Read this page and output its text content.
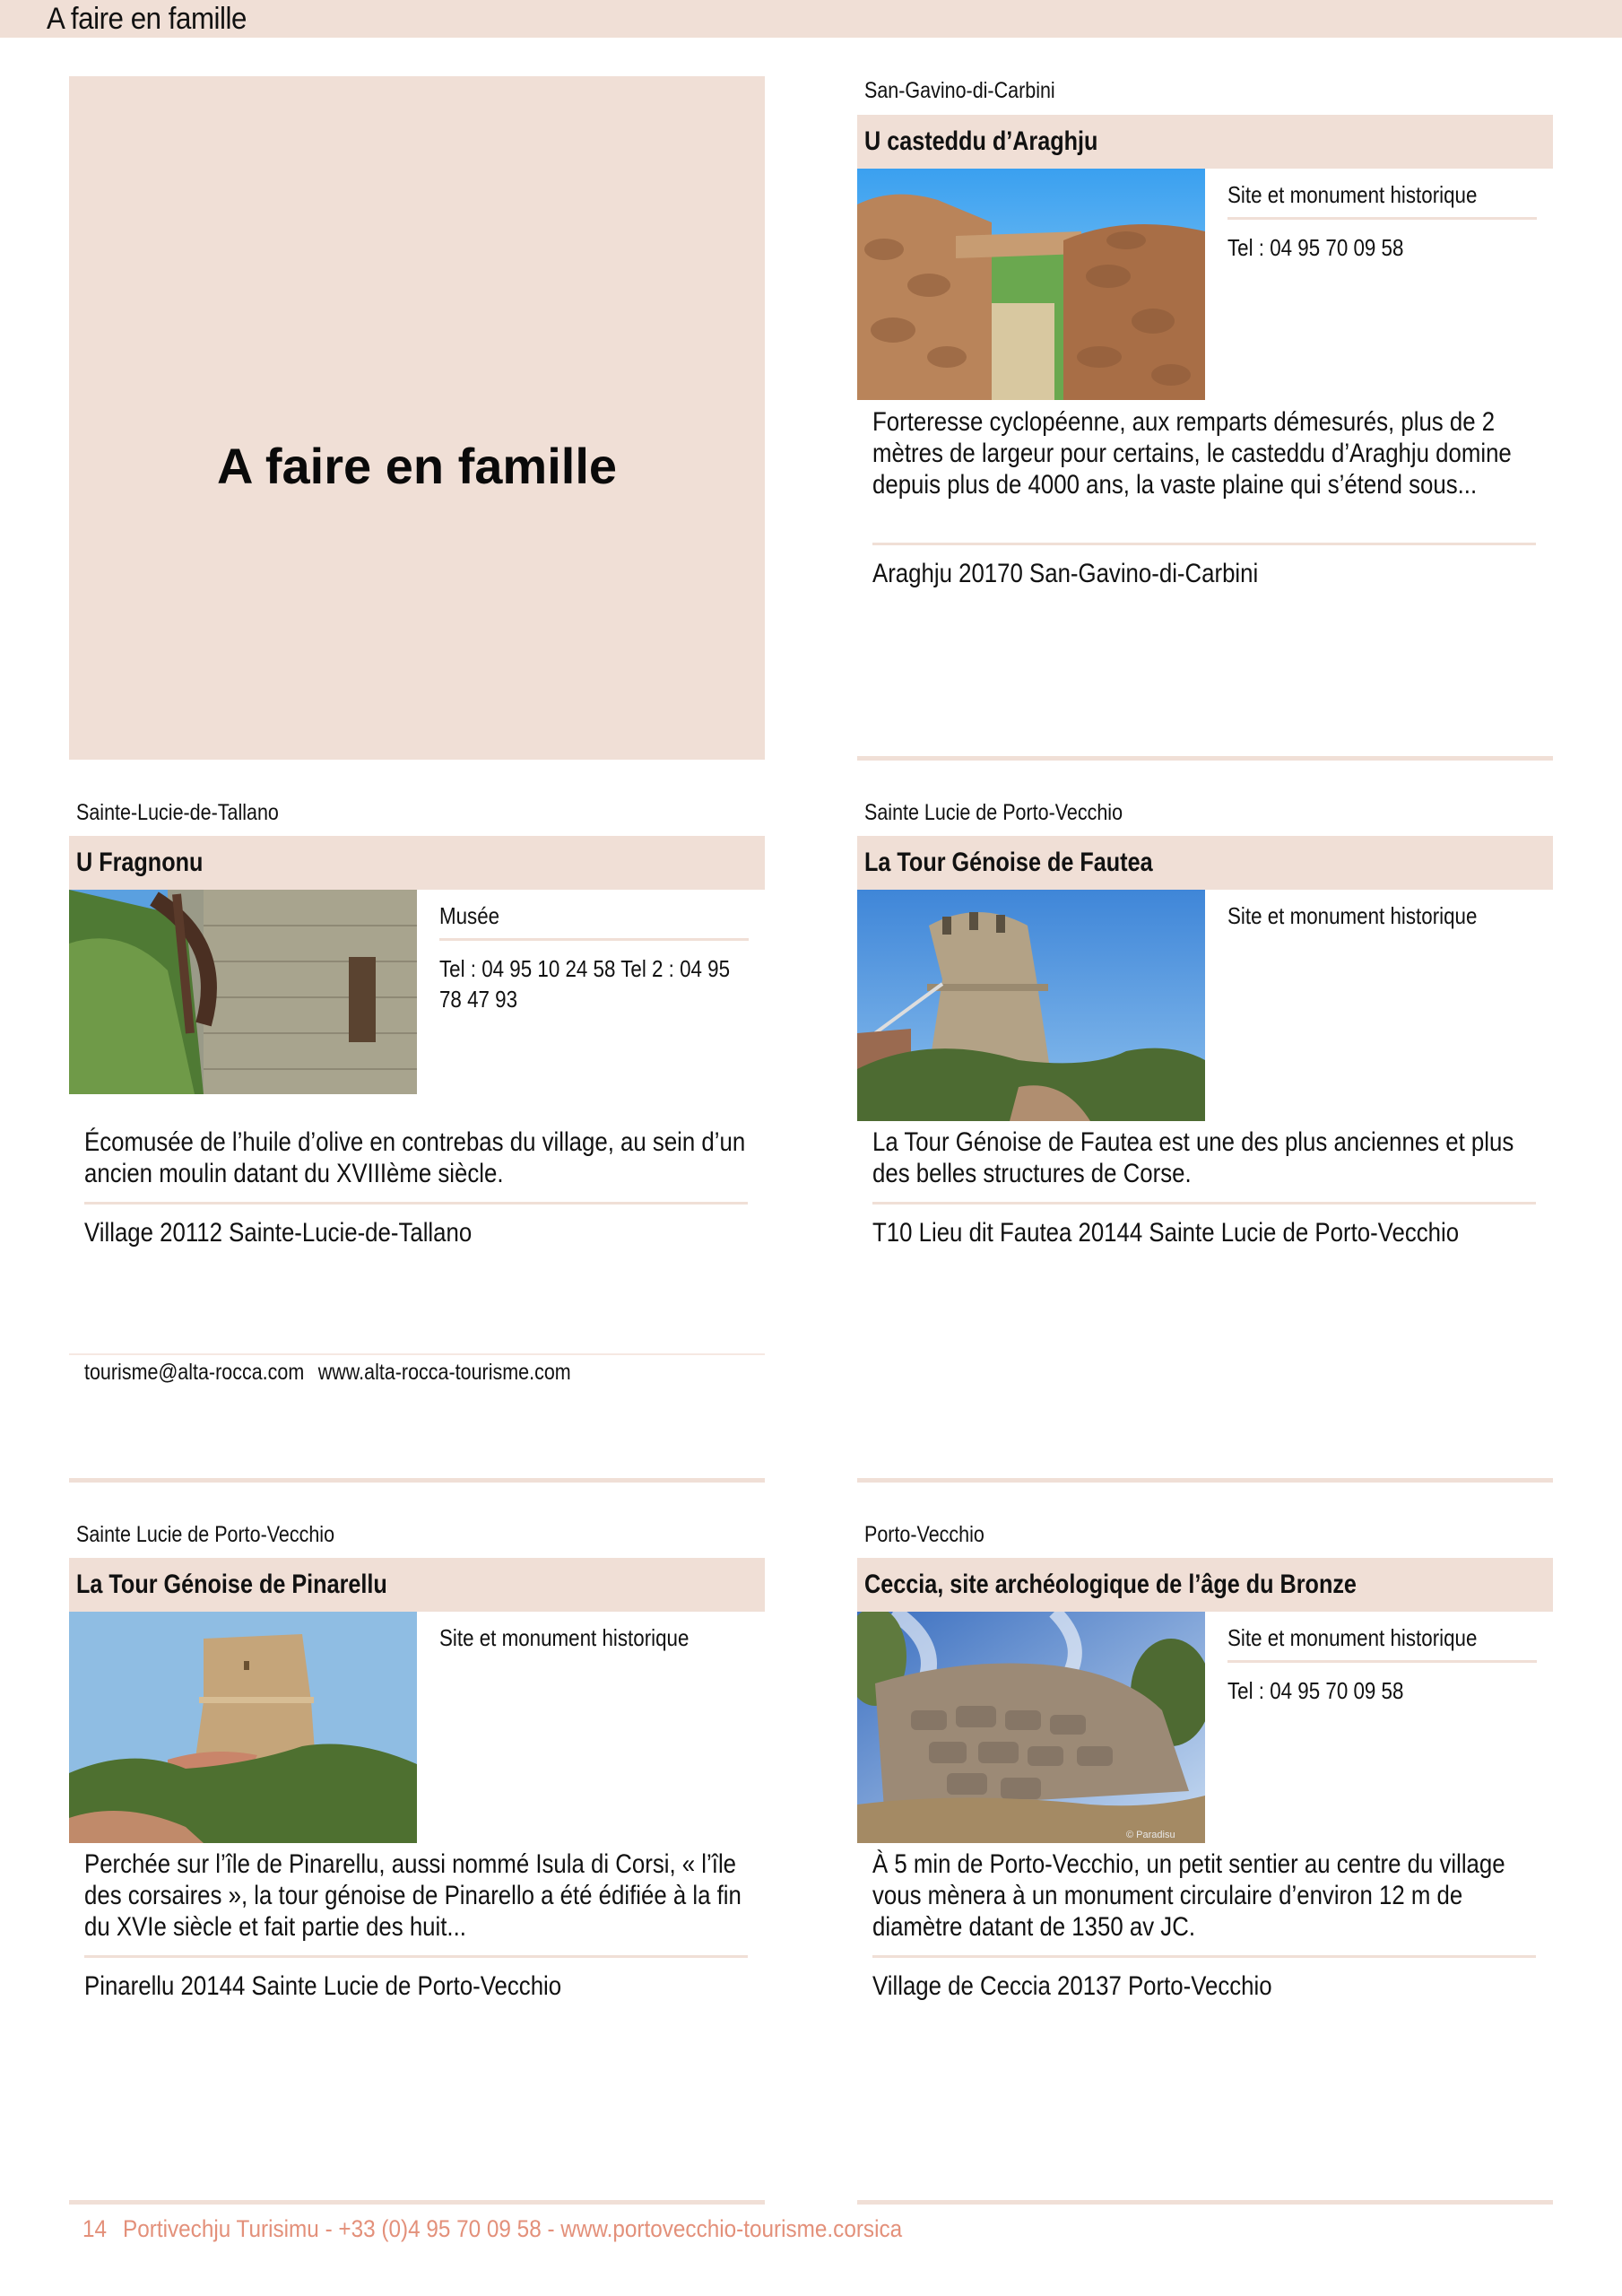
A faire en famille
A faire en famille
San-Gavino-di-Carbini
U casteddu d’Araghju
Site et monument historique
Tel : 04 95 70 09 58
Forteresse cyclopéenne, aux remparts démesurés, plus de 2 mètres de largeur pour certains, le casteddu d’Araghju domine depuis plus de 4000 ans, la vaste plaine qui s’étend sous...
Araghju 20170 San-Gavino-di-Carbini
Sainte-Lucie-de-Tallano
U Fragnonu
Musée
Tel : 04 95 10 24 58 Tel 2 : 04 95 78 47 93
Écomusée de l’huile d’olive en contrebas du village, au sein d’un ancien moulin datant du XVIIIème siècle.
Village 20112 Sainte-Lucie-de-Tallano
Sainte Lucie de Porto-Vecchio
La Tour Génoise de Fautea
Site et monument historique
La Tour Génoise de Fautea est une des plus anciennes et plus des belles structures de Corse.
T10 Lieu dit Fautea 20144 Sainte Lucie de Porto-Vecchio
tourisme@alta-rocca.com www.alta-rocca-tourisme.com
Sainte Lucie de Porto-Vecchio
La Tour Génoise de Pinarellu
Site et monument historique
Perchée sur l’île de Pinarellu, aussi nommé Isula di Corsi, « l’île des corsaires », la tour génoise de Pinarello a été édifiée à la fin du XVIe siècle et fait partie des huit...
Pinarellu 20144 Sainte Lucie de Porto-Vecchio
Porto-Vecchio
Ceccia, site archéologique de l’âge du Bronze
© Paradisu
Site et monument historique
Tel : 04 95 70 09 58
À 5 min de Porto-Vecchio, un petit sentier au centre du village vous mènera à un monument circulaire d’environ 12 m de diamètre datant de 1350 av JC.
Village de Ceccia 20137 Porto-Vecchio
14 Portivechju Turisimu - +33 (0)4 95 70 09 58 - www.portovecchio-tourisme.corsica
